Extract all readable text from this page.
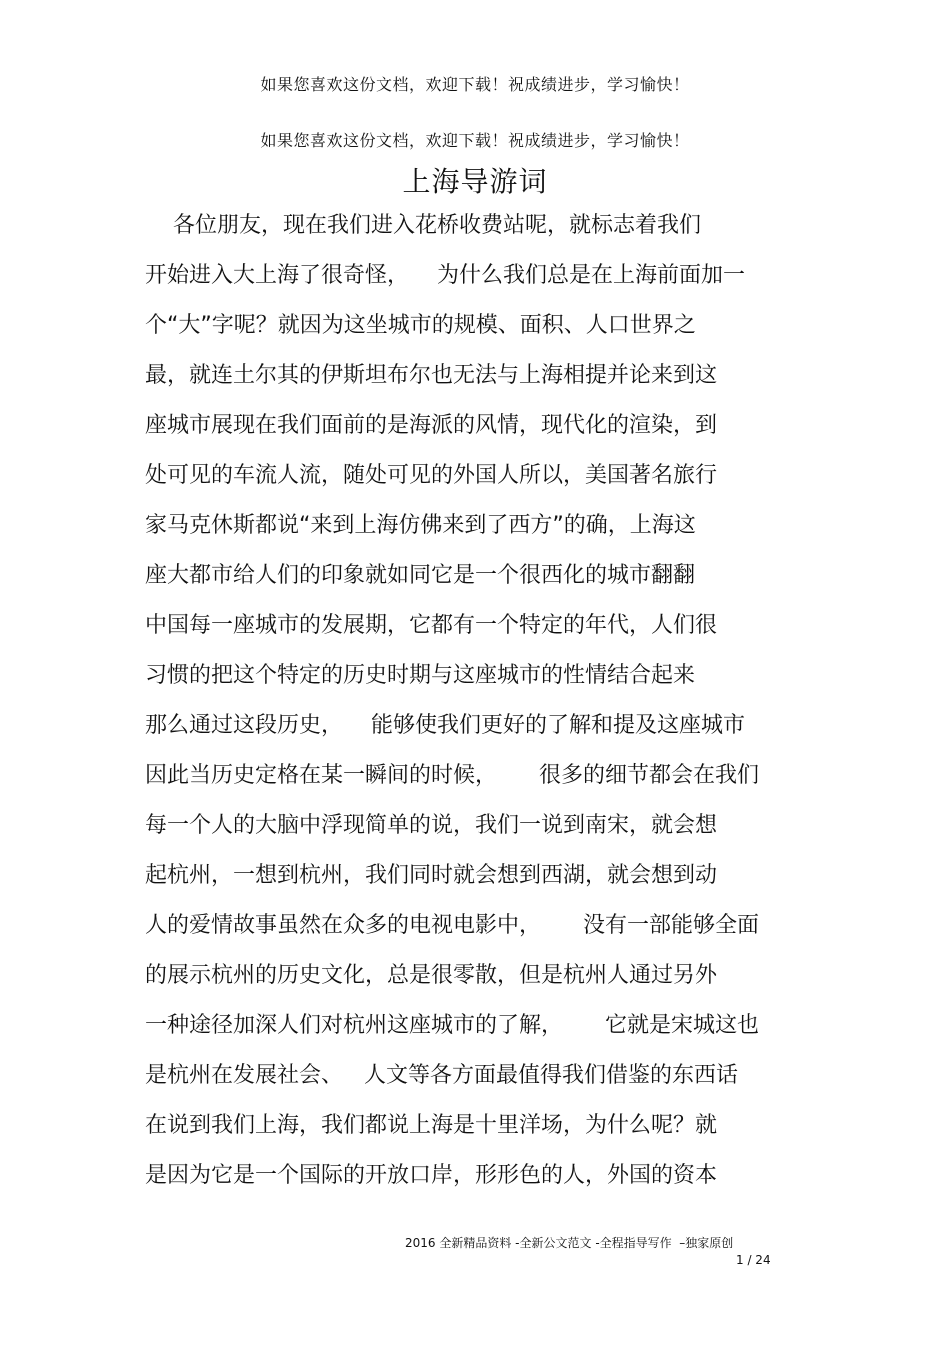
如果您喜欢这份文档，欢迎下载！祝成绩进步，学习愉快！
如果您喜欢这份文档，欢迎下载！祝成绩进步，学习愉快！
上海导游词
各位朋友，现在我们进入花桥收费站呢，就标志着我们
开始进入大上海了很奇怪，    为什么我们总是在上海前面加一
个“大”字呢？就因为这坐城市的规模、面积、人口世界之
最，就连土尔其的伊斯坦布尔也无法与上海相提并论来到这
座城市展现在我们面前的是海派的风情，现代化的渲染，到
处可见的车流人流，随处可见的外国人所以，美国著名旅行
家马克休斯都说“来到上海仿佛来到了西方”的确，上海这
座大都市给人们的印象就如同它是一个很西化的城市翻翻
中国每一座城市的发展期，它都有一个特定的年代，人们很
习惯的把这个特定的历史时期与这座城市的性情结合起来
那么通过这段历史，    能够使我们更好的了解和提及这座城市
因此当历史定格在某一瞬间的时候，      很多的细节都会在我们
每一个人的大脑中浮现简单的说，我们一说到南宋，就会想
起杭州，一想到杭州，我们同时就会想到西湖，就会想到动
人的爱情故事虽然在众多的电视电影中，      没有一部能够全面
的展示杭州的历史文化，总是很零散，但是杭州人通过另外
一种途径加深人们对杭州这座城市的了解，      它就是宋城这也
是杭州在发展社会、   人文等各方面最值得我们借鉴的东西话
在说到我们上海，我们都说上海是十里洋场，为什么呢？就
是因为它是一个国际的开放口岸，形形色的人，外国的资本
2016 全新精品资料 -全新公文范文 -全程指导写作  –独家原创
1 / 24
